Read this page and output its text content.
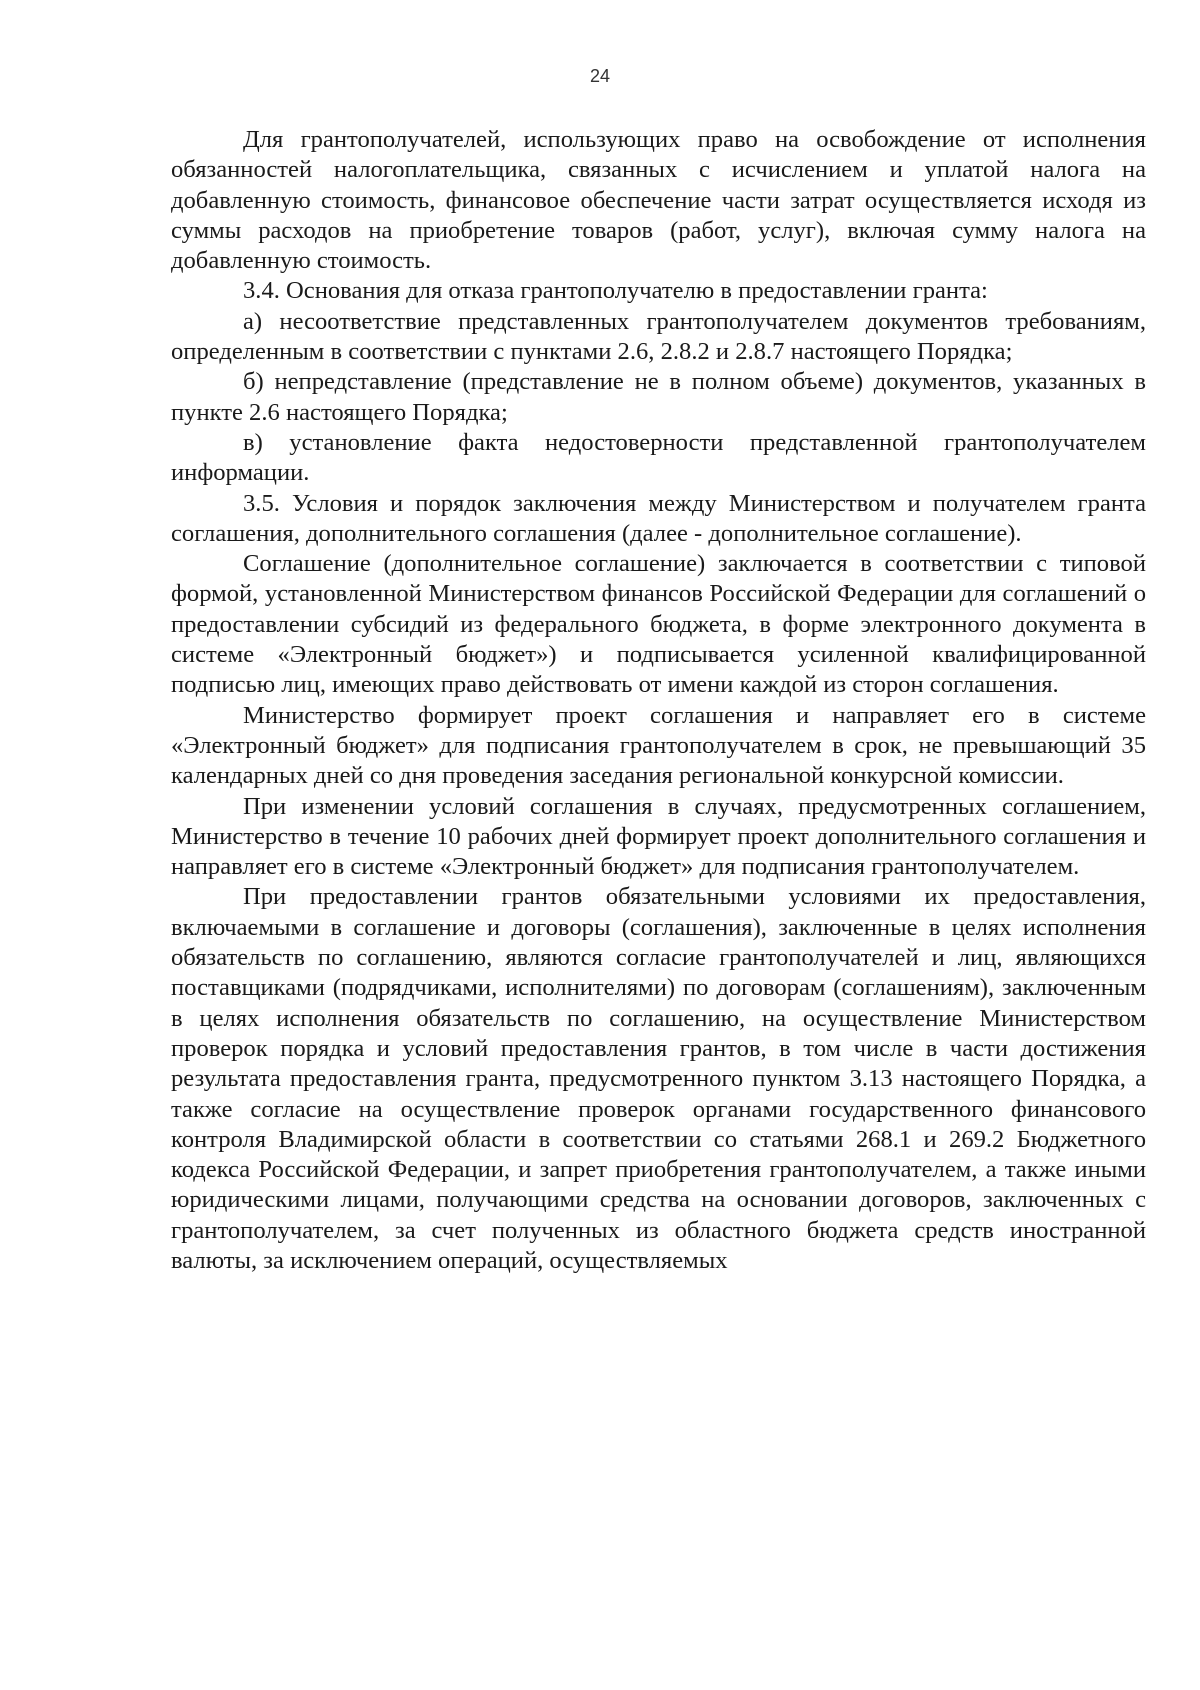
24

Для грантополучателей, использующих право на освобождение от исполнения обязанностей налогоплательщика, связанных с исчислением и уплатой налога на добавленную стоимость, финансовое обеспечение части затрат осуществляется исходя из суммы расходов на приобретение товаров (работ, услуг), включая сумму налога на добавленную стоимость.

3.4. Основания для отказа грантополучателю в предоставлении гранта:

а) несоответствие представленных грантополучателем документов требованиям, определенным в соответствии с пунктами 2.6, 2.8.2 и 2.8.7 настоящего Порядка;

б) непредставление (представление не в полном объеме) документов, указанных в пункте 2.6 настоящего Порядка;

в) установление факта недостоверности представленной грантополучателем информации.

3.5. Условия и порядок заключения между Министерством и получателем гранта соглашения, дополнительного соглашения (далее - дополнительное соглашение).

Соглашение (дополнительное соглашение) заключается в соответствии с типовой формой, установленной Министерством финансов Российской Федерации для соглашений о предоставлении субсидий из федерального бюджета, в форме электронного документа в системе «Электронный бюджет») и подписывается усиленной квалифицированной подписью лиц, имеющих право действовать от имени каждой из сторон соглашения.

Министерство формирует проект соглашения и направляет его в системе «Электронный бюджет» для подписания грантополучателем в срок, не превышающий 35 календарных дней со дня проведения заседания региональной конкурсной комиссии.

При изменении условий соглашения в случаях, предусмотренных соглашением, Министерство в течение 10 рабочих дней формирует проект дополнительного соглашения и направляет его в системе «Электронный бюджет» для подписания грантополучателем.

При предоставлении грантов обязательными условиями их предоставления, включаемыми в соглашение и договоры (соглашения), заключенные в целях исполнения обязательств по соглашению, являются согласие грантополучателей и лиц, являющихся поставщиками (подрядчиками, исполнителями) по договорам (соглашениям), заключенным в целях исполнения обязательств по соглашению, на осуществление Министерством проверок порядка и условий предоставления грантов, в том числе в части достижения результата предоставления гранта, предусмотренного пунктом 3.13 настоящего Порядка, а также согласие на осуществление проверок органами государственного финансового контроля Владимирской области в соответствии со статьями 268.1 и 269.2 Бюджетного кодекса Российской Федерации, и запрет приобретения грантополучателем, а также иными юридическими лицами, получающими средства на основании договоров, заключенных с грантополучателем, за счет полученных из областного бюджета средств иностранной валюты, за исключением операций, осуществляемых
